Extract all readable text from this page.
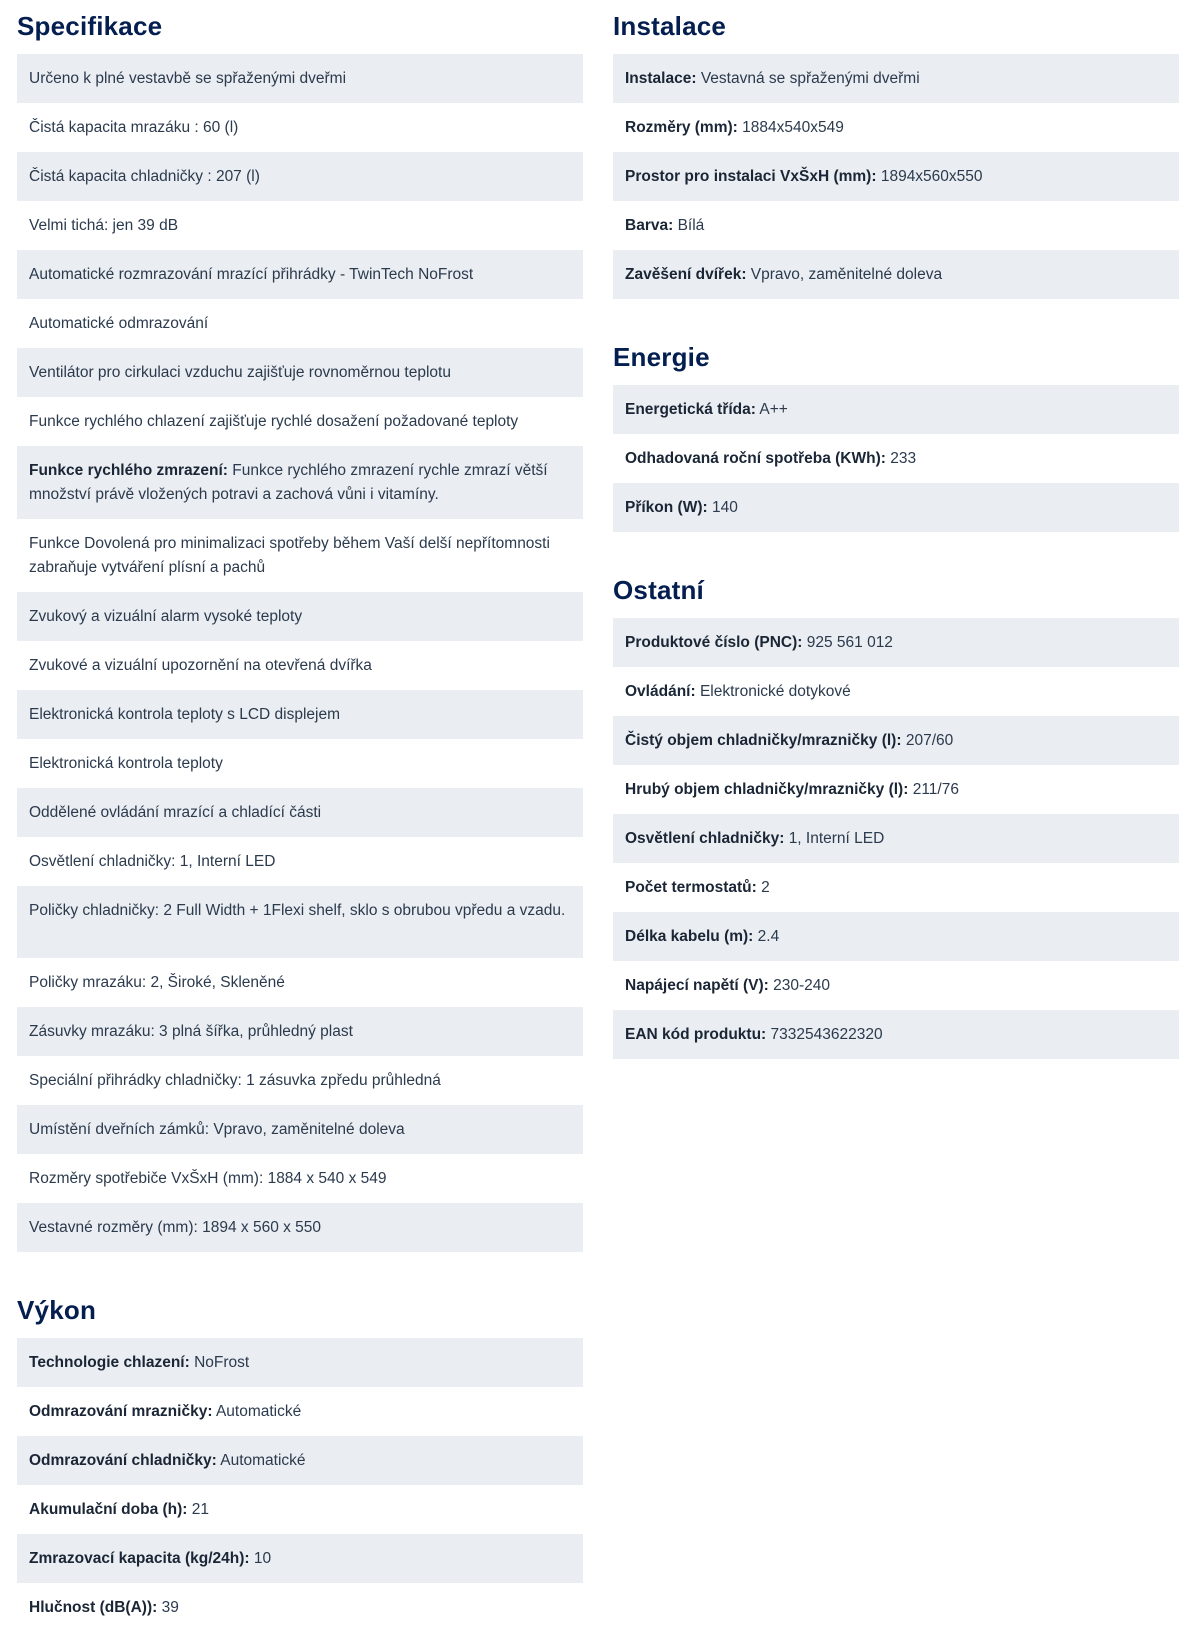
Specifikace
Určeno k plné vestavbě se spřaženými dveřmi
Čistá kapacita mrazáku : 60 (l)
Čistá kapacita chladničky : 207 (l)
Velmi tichá: jen 39 dB
Automatické rozmrazování mrazící přihrádky - TwinTech NoFrost
Automatické odmrazování
Ventilátor pro cirkulaci vzduchu zajišťuje rovnoměrnou teplotu
Funkce rychlého chlazení zajišťuje rychlé dosažení požadované teploty
Funkce rychlého zmrazení: Funkce rychlého zmrazení rychle zmrazí větší množství právě vložených potravi a zachová vůni i vitamíny.
Funkce Dovolená pro minimalizaci spotřeby během Vaší delší nepřítomnosti zabraňuje vytváření plísní a pachů
Zvukový a vizuální alarm vysoké teploty
Zvukové a vizuální upozornění na otevřená dvířka
Elektronická kontrola teploty s LCD displejem
Elektronická kontrola teploty
Oddělené ovládání mrazící a chladící části
Osvětlení chladničky: 1, Interní LED
Poličky chladničky: 2 Full Width + 1Flexi shelf, sklo s obrubou vpředu a vzadu.
Poličky mrazáku: 2, Široké, Skleněné
Zásuvky mrazáku: 3 plná šířka, průhledný plast
Speciální přihrádky chladničky: 1 zásuvka zpředu průhledná
Umístění dveřních zámků: Vpravo, zaměnitelné doleva
Rozměry spotřebiče VxŠxH (mm): 1884 x 540 x 549
Vestavné rozměry (mm): 1894 x 560 x 550
Výkon
Technologie chlazení: NoFrost
Odmrazování mrazničky: Automatické
Odmrazování chladničky: Automatické
Akumulační doba (h): 21
Zmrazovací kapacita (kg/24h): 10
Hlučnost (dB(A)): 39
Instalace
Instalace: Vestavná se spřaženými dveřmi
Rozměry (mm): 1884x540x549
Prostor pro instalaci VxŠxH (mm): 1894x560x550
Barva: Bílá
Zavěšení dvířek: Vpravo, zaměnitelné doleva
Energie
Energetická třída: A++
Odhadovaná roční spotřeba (KWh): 233
Příkon (W): 140
Ostatní
Produktové číslo (PNC): 925 561 012
Ovládání: Elektronické dotykové
Čistý objem chladničky/mrazničky (l): 207/60
Hrubý objem chladničky/mrazničky (l): 211/76
Osvětlení chladničky: 1, Interní LED
Počet termostatů: 2
Délka kabelu (m): 2.4
Napájecí napětí (V): 230-240
EAN kód produktu: 7332543622320
